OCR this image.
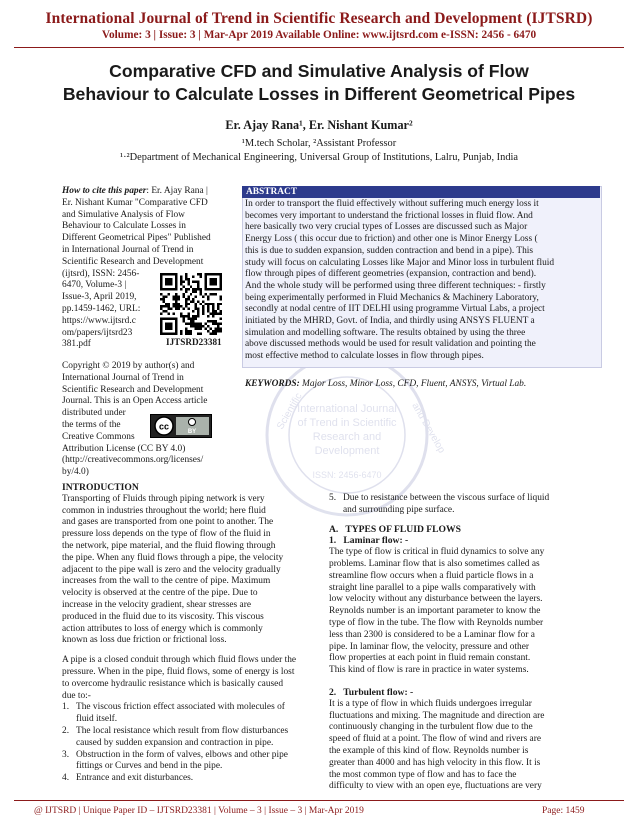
International Journal of Trend in Scientific Research and Development (IJTSRD)
Volume: 3 | Issue: 3 | Mar-Apr 2019 Available Online: www.ijtsrd.com e-ISSN: 2456 - 6470
Comparative CFD and Simulative Analysis of Flow
Behaviour to Calculate Losses in Different Geometrical Pipes
Er. Ajay Rana¹, Er. Nishant Kumar²
¹M.tech Scholar, ²Assistant Professor
¹·²Department of Mechanical Engineering, Universal Group of Institutions, Lalru, Punjab, India
How to cite this paper: Er. Ajay Rana |
Er. Nishant Kumar "Comparative CFD
and Simulative Analysis of Flow
Behaviour to Calculate Losses in
Different Geometrical Pipes" Published
in International Journal of Trend in
Scientific Research and Development
(ijtsrd), ISSN: 2456-
6470, Volume-3 |
Issue-3, April 2019,
pp.1459-1462, URL:
https://www.ijtsrd.c
om/papers/ijtsrd23
381.pdf	IJTSRD23381
Copyright © 2019 by author(s) and
International Journal of Trend in
Scientific Research and Development
Journal. This is an Open Access article
distributed under
the terms of the
Creative Commons
Attribution License (CC BY 4.0)
(http://creativecommons.org/licenses/
by/4.0)
cc
BY
Scientific	and Develop
International Journal
of Trend in Scientific
Research and
Development
ISSN: 2456-6470
ABSTRACT
In order to transport the fluid effectively without suffering much energy loss it
becomes very important to understand the frictional losses in fluid flow. And
here basically two very crucial types of Losses are discussed such as Major
Energy Loss ( this occur due to friction) and other one is Minor Energy Loss (
this is due to sudden expansion, sudden contraction and bend in a pipe). This
study will focus on calculating Losses like Major and Minor loss in turbulent fluid
flow through pipes of different geometries (expansion, contraction and bend).
And the whole study will be performed using three different techniques: - firstly
being experimentally performed in Fluid Mechanics & Machinery Laboratory,
secondly at nodal centre of IIT DELHI using programme Virtual Labs, a project
initiated by the MHRD, Govt. of India, and thirdly using ANSYS FLUENT a
simulation and modelling software. The results obtained by using the three
above discussed methods would be used for result validation and pointing the
most effective method to calculate losses in flow through pipes.
KEYWORDS: Major Loss, Minor Loss, CFD, Fluent, ANSYS, Virtual Lab.
INTRODUCTION
Transporting of Fluids through piping network is very
common in industries throughout the world; here fluid
and gases are transported from one point to another. The
pressure loss depends on the type of flow of the fluid in
the network, pipe material, and the fluid flowing through
the pipe. When any fluid flows through a pipe, the velocity
adjacent to the pipe wall is zero and the velocity gradually
increases from the wall to the centre of pipe. Maximum
velocity is observed at the centre of the pipe. Due to
increase in the velocity gradient, shear stresses are
produced in the fluid due to its viscosity. This viscous
action attributes to loss of energy which is commonly
known as loss due friction or frictional loss.
A pipe is a closed conduit through which fluid flows under the
pressure. When in the pipe, fluid flows, some of energy is lost
to overcome hydraulic resistance which is basically caused
due to:-
1. The viscous friction effect associated with molecules of
fluid itself.
2. The local resistance which result from flow disturbances
caused by sudden expansion and contraction in pipe.
3. Obstruction in the form of valves, elbows and other pipe
fittings or Curves and bend in the pipe.
4. Entrance and exit disturbances.
5. Due to resistance between the viscous surface of liquid
and surrounding pipe surface.
A.   TYPES OF FLUID FLOWS
1.   Laminar flow: -
The type of flow is critical in fluid dynamics to solve any
problems. Laminar flow that is also sometimes called as
streamline flow occurs when a fluid particle flows in a
straight line parallel to a pipe walls comparatively with
low velocity without any disturbance between the layers.
Reynolds number is an important parameter to know the
type of flow in the tube. The flow with Reynolds number
less than 2300 is considered to be a Laminar flow for a
pipe. In laminar flow, the velocity, pressure and other
flow properties at each point in fluid remain constant.
This kind of flow is rare in practice in water systems.
2.   Turbulent flow: -
It is a type of flow in which fluids undergoes irregular
fluctuations and mixing. The magnitude and direction are
continuously changing in the turbulent flow due to the
speed of fluid at a point. The flow of wind and rivers are
the example of this kind of flow. Reynolds number is
greater than 4000 and has high velocity in this flow. It is
the most common type of flow and has to face the
difficulty to view with an open eye, fluctuations are very
@ IJTSRD | Unique Paper ID – IJTSRD23381 | Volume – 3 | Issue – 3 | Mar-Apr 2019	Page: 1459
